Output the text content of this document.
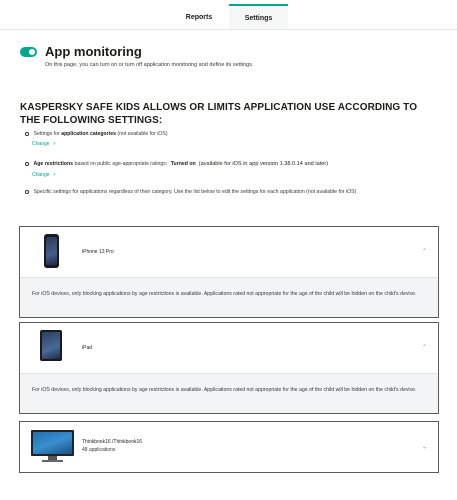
Reports	Settings
App monitoring
On this page, you can turn on or turn off application monitoring and define its settings.
KASPERSKY SAFE KIDS ALLOWS OR LIMITS APPLICATION USE ACCORDING TO THE FOLLOWING SETTINGS:
Settings for application categories (not available for iOS)
Change ›
Age restrictions based on public age-appropriate ratings: Turned on (available for iOS in app version 1.38.0.14 and later)
Change ›
Specific settings for applications regardless of their category. Use the list below to edit the settings for each application (not available for iOS)
iPhone 13 Pro	⌃
For iOS devices, only blocking applications by age restrictions is available. Applications rated not appropriate for the age of the child will be hidden on the child's device.
iPad	⌃
For iOS devices, only blocking applications by age restrictions is available. Applications rated not appropriate for the age of the child will be hidden on the child's device.
Thinkbook16 /Thinkbook16
48 applications	⌄
